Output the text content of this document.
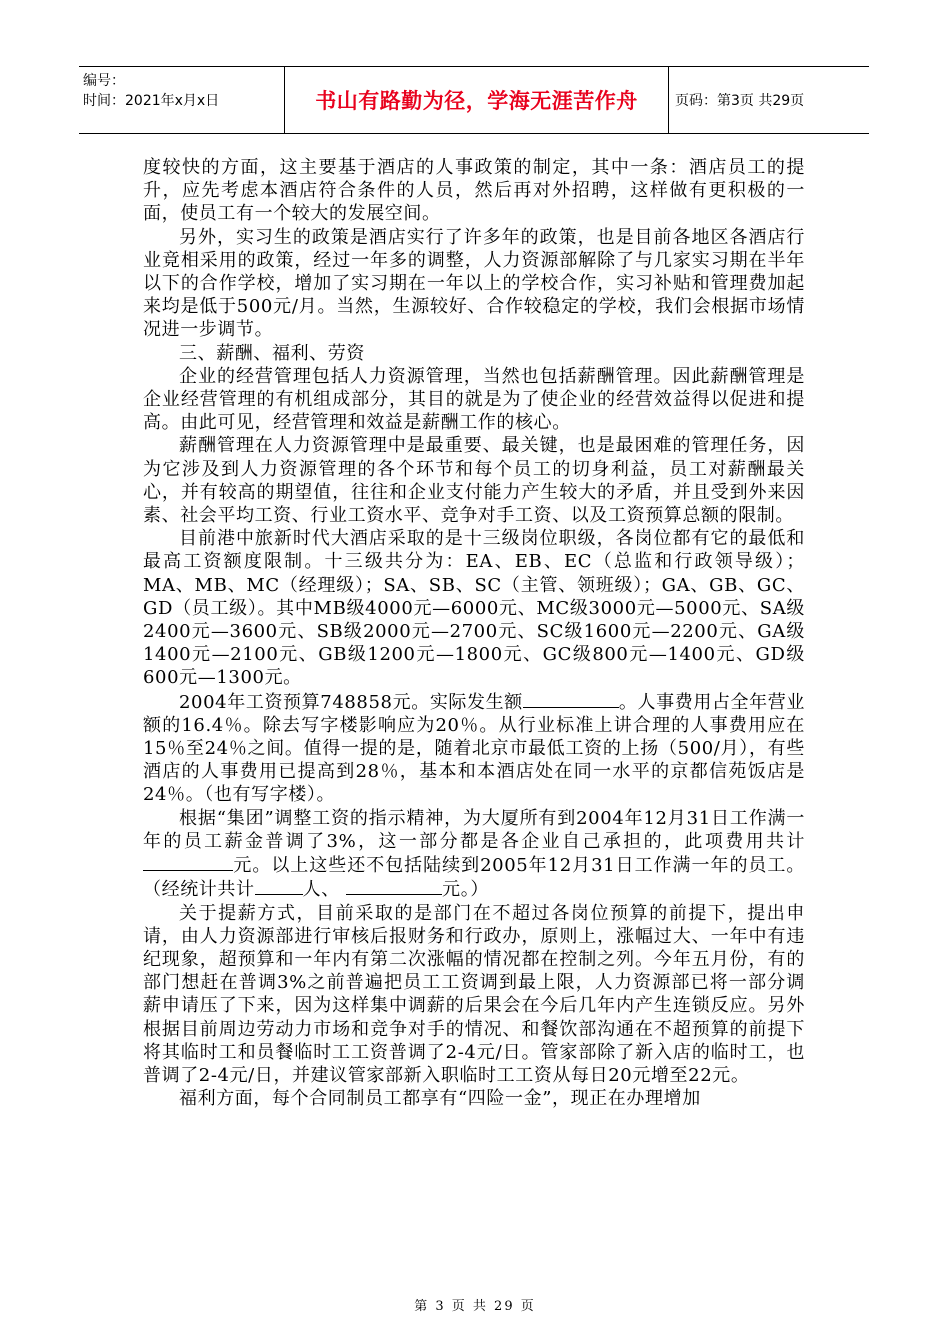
编号：
时间：2021年x月x日	书山有路勤为径，学海无涯苦作舟	页码：第3页 共29页

度较快的方面，这主要基于酒店的人事政策的制定，其中一条：酒店员工的提升，应先考虑本酒店符合条件的人员，然后再对外招聘，这样做有更积极的一面，使员工有一个较大的发展空间。

另外，实习生的政策是酒店实行了许多年的政策，也是目前各地区各酒店行业竟相采用的政策，经过一年多的调整，人力资源部解除了与几家实习期在半年以下的合作学校，增加了实习期在一年以上的学校合作，实习补贴和管理费加起来均是低于500元/月。当然，生源较好、合作较稳定的学校，我们会根据市场情况进一步调节。

三、薪酬、福利、劳资

企业的经营管理包括人力资源管理，当然也包括薪酬管理。因此薪酬管理是企业经营管理的有机组成部分，其目的就是为了使企业的经营效益得以促进和提高。由此可见，经营管理和效益是薪酬工作的核心。

薪酬管理在人力资源管理中是最重要、最关键，也是最困难的管理任务，因为它涉及到人力资源管理的各个环节和每个员工的切身利益，员工对薪酬最关心，并有较高的期望值，往往和企业支付能力产生较大的矛盾，并且受到外来因素、社会平均工资、行业工资水平、竞争对手工资、以及工资预算总额的限制。

目前港中旅新时代大酒店采取的是十三级岗位职级，各岗位都有它的最低和最高工资额度限制。十三级共分为：EA、EB、EC（总监和行政领导级）；MA、MB、MC（经理级）；SA、SB、SC（主管、领班级）；GA、GB、GC、GD（员工级）。其中MB级4000元—6000元、MC级3000元—5000元、SA级2400元—3600元、SB级2000元—2700元、SC级1600元—2200元、GA级1400元—2100元、GB级1200元—1800元、GC级800元—1400元、GD级600元—1300元。

2004年工资预算748858元。实际发生额	。人事费用占全年营业额的16.4％。除去写字楼影响应为20％。从行业标准上讲合理的人事费用应在15％至24％之间。值得一提的是，随着北京市最低工资的上扬（500/月），有些酒店的人事费用已提高到28％，基本和本酒店处在同一水平的京都信苑饭店是24％。（也有写字楼）。

根据“集团”调整工资的指示精神，为大厦所有到2004年12月31日工作满一年的员工薪金普调了3%，这一部分都是各企业自己承担的，此项费用共计元。以上这些还不包括陆续到2005年12月31日工作满一年的员工。（经统计共计	人、	元。）

关于提薪方式，目前采取的是部门在不超过各岗位预算的前提下，提出申请，由人力资源部进行审核后报财务和行政办，原则上，涨幅过大、一年中有违纪现象，超预算和一年内有第二次涨幅的情况都在控制之列。今年五月份，有的部门想赶在普调3%之前普遍把员工工资调到最上限，人力资源部已将一部分调薪申请压了下来，因为这样集中调薪的后果会在今后几年内产生连锁反应。另外根据目前周边劳动力市场和竞争对手的情况、和餐饮部沟通在不超预算的前提下将其临时工和员餐临时工工资普调了2-4元/日。管家部除了新入店的临时工，也普调了2-4元/日，并建议管家部新入职临时工工资从每日20元增至22元。

福利方面，每个合同制员工都享有“四险一金”，现正在办理增加

第 3 页 共 29 页
